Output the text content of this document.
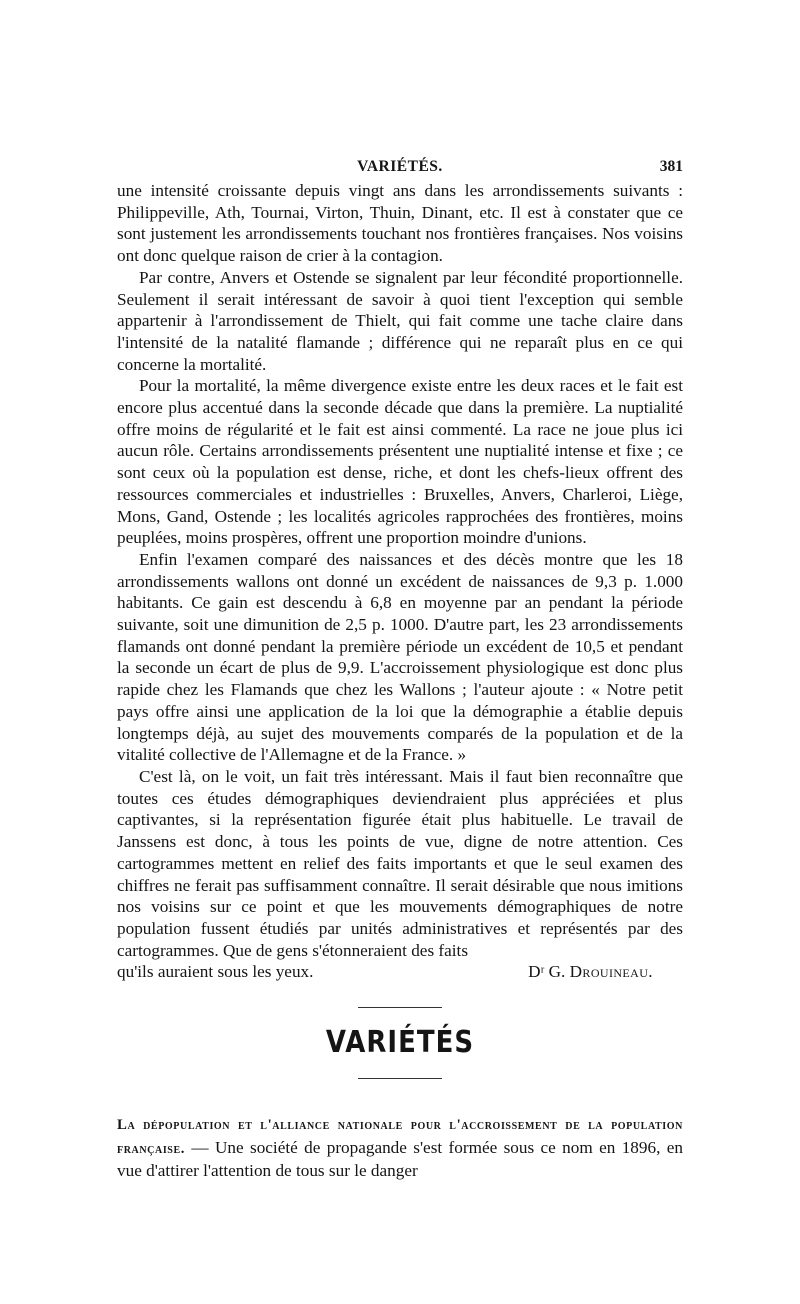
VARIÉTÉS.	381

une intensité croissante depuis vingt ans dans les arrondissements suivants : Philippeville, Ath, Tournai, Virton, Thuin, Dinant, etc. Il est à constater que ce sont justement les arrondissements touchant nos frontières françaises. Nos voisins ont donc quelque raison de crier à la contagion.

Par contre, Anvers et Ostende se signalent par leur fécondité proportionnelle. Seulement il serait intéressant de savoir à quoi tient l'exception qui semble appartenir à l'arrondissement de Thielt, qui fait comme une tache claire dans l'intensité de la natalité flamande ; différence qui ne reparaît plus en ce qui concerne la mortalité.

Pour la mortalité, la même divergence existe entre les deux races et le fait est encore plus accentué dans la seconde décade que dans la première. La nuptialité offre moins de régularité et le fait est ainsi commenté. La race ne joue plus ici aucun rôle. Certains arrondissements présentent une nuptialité intense et fixe ; ce sont ceux où la population est dense, riche, et dont les chefs-lieux offrent des ressources commerciales et industrielles : Bruxelles, Anvers, Charleroi, Liège, Mons, Gand, Ostende ; les localités agricoles rapprochées des frontières, moins peuplées, moins prospères, offrent une proportion moindre d'unions.

Enfin l'examen comparé des naissances et des décès montre que les 18 arrondissements wallons ont donné un excédent de naissances de 9,3 p. 1.000 habitants. Ce gain est descendu à 6,8 en moyenne par an pendant la période suivante, soit une dimunition de 2,5 p. 1000. D'autre part, les 23 arrondissements flamands ont donné pendant la première période un excédent de 10,5 et pendant la seconde un écart de plus de 9,9. L'accroissement physiologique est donc plus rapide chez les Flamands que chez les Wallons ; l'auteur ajoute : « Notre petit pays offre ainsi une application de la loi que la démographie a établie depuis longtemps déjà, au sujet des mouvements comparés de la population et de la vitalité collective de l'Allemagne et de la France. »

C'est là, on le voit, un fait très intéressant. Mais il faut bien reconnaître que toutes ces études démographiques deviendraient plus appréciées et plus captivantes, si la représentation figurée était plus habituelle. Le travail de Janssens est donc, à tous les points de vue, digne de notre attention. Ces cartogrammes mettent en relief des faits importants et que le seul examen des chiffres ne ferait pas suffisamment connaître. Il serait désirable que nous imitions nos voisins sur ce point et que les mouvements démographiques de notre population fussent étudiés par unités administratives et représentés par des cartogrammes. Que de gens s'étonneraient des faits

qu'ils auraient sous les yeux.	Dʳ G. Drouineau.
VARIÉTÉS

La dépopulation et l'alliance nationale pour l'accroissement de la population française. — Une société de propagande s'est formée sous ce nom en 1896, en vue d'attirer l'attention de tous sur le danger
